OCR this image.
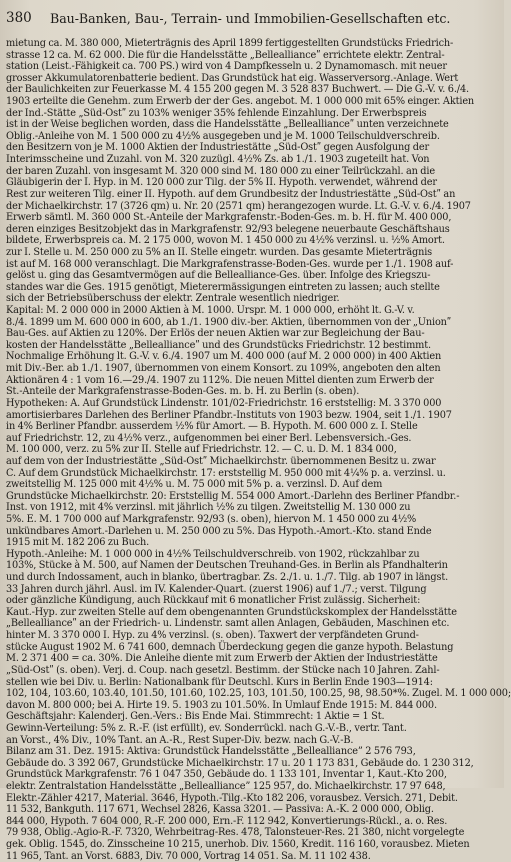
380 Bau-Banken, Bau-, Terrain- und Immobilien-Gesellschaften etc.
mietung ca. M. 380 000, Mieterträgnis des April 1899 fertiggestellten Grundstücks Friedrich-
strasse 12 ca. M. 62 000. Die für die Handelsstätte „Belleallianceʺ errichtete elektr. Zentral-
station (Leist.-Fähigkeit ca. 700 PS.) wird von 4 Dampfkesseln u. 2 Dynamomasch. mit neuer
grosser Akkumulatorenbatterie bedient. Das Grundstück hat eig. Wasserversorg.-Anlage. Wert
der Baulichkeiten zur Feuerkasse M. 4 155 200 gegen M. 3 528 837 Buchwert. — Die G.-V. v. 6./4.
1903 erteilte die Genehm. zum Erwerb der der Ges. angebot. M. 1 000 000 mit 65% einger. Aktien
der Ind.-Stätte „Süd-Ostʺ zu 103% weniger 35% fehlende Einzahlung. Der Erwerbspreis
ist in der Weise beglichen worden, dass die Handelsstätte „Belleallianceʺ unten verzeichnete
Oblig.-Anleihe von M. 1 500 000 zu 4½% ausgegeben und je M. 1000 Teilschuldverschreib.
den Besitzern von je M. 1000 Aktien der Industriestätte „Süd-Ostʺ gegen Ausfolgung der
Interimsscheine und Zuzahl. von M. 320 zuzügl. 4½% Zs. ab 1./1. 1903 zugeteilt hat. Von
der baren Zuzahl. von insgesamt M. 320 000 sind M. 180 000 zu einer Teilrückzahl. an die
Gläubigerin der I. Hyp. in M. 120 000 zur Tilg. der 5% II. Hypoth. verwendet, während der
Rest zur weiteren Tilg. einer II. Hypoth. auf dem Grundbesitz der Industriestätte „Süd-Ostʺ an
der Michaelkirchstr. 17 (3726 qm) u. Nr. 20 (2571 qm) herangezogen wurde. Lt. G.-V. v. 6./4. 1907
Erwerb sämtl. M. 360 000 St.-Anteile der Markgrafenstr.-Boden-Ges. m. b. H. für M. 400 000,
deren einziges Besitzobjekt das in Markgrafenstr. 92/93 belegene neuerbaute Geschäftshaus
bildete, Erwerbspreis ca. M. 2 175 000, wovon M. 1 450 000 zu 4½% verzinsl. u. ½% Amort.
zur I. Stelle u. M. 250 000 zu 5% an II. Stelle eingetr. wurden. Das gesamte Mieterträgnis
ist auf M. 168 000 veranschlagt. Die Markgrafenstrasse-Boden-Ges. wurde per 1./1. 1908 auf-
gelöst u. ging das Gesamtvermögen auf die Bellealliance-Ges. über. Infolge des Kriegszu-
standes war die Ges. 1915 genötigt, Mieterermässigungen eintreten zu lassen; auch stellte
sich der Betriebsüberschuss der elektr. Zentrale wesentlich niedriger.
Kapital: M. 2 000 000 in 2000 Aktien à M. 1000. Urspr. M. 1 000 000, erhöht lt. G.-V. v.
8./4. 1899 um M. 600 000 in 600, ab 1./1. 1900 div.-ber. Aktien, übernommen von der „Unionʺ
Bau-Ges. auf Aktien zu 120%. Der Erlös der neuen Aktien war zur Begleichung der Bau-
kosten der Handelsstätte „Belleallianceʺ und des Grundstücks Friedrichstr. 12 bestimmt.
Nochmalige Erhöhung lt. G.-V. v. 6./4. 1907 um M. 400 000 (auf M. 2 000 000) in 400 Aktien
mit Div.-Ber. ab 1./1. 1907, übernommen von einem Konsort. zu 109%, angeboten den alten
Aktionären 4 : 1 vom 16.—29./4. 1907 zu 112%. Die neuen Mittel dienten zum Erwerb der
St.-Anteile der Markgrafenstrasse-Boden-Ges. m. b. H. zu Berlin (s. oben).
Hypotheken: A. Auf Grundstück Lindenstr. 101/02-Friedrichstr. 16 erststellig: M. 3 370 000
amortisierbares Darlehen des Berliner Pfandbr.-Instituts von 1903 bezw. 1904, seit 1./1. 1907
in 4% Berliner Pfandbr. ausserdem ½% für Amort. — B. Hypoth. M. 600 000 z. I. Stelle
auf Friedrichstr. 12, zu 4½% verz., aufgenommen bei einer Berl. Lebensversich.-Ges.
M. 100 000, verz. zu 5% zur II. Stelle auf Friedrichstr. 12. — C. u. D. M. 1 834 000,
auf dem von der Industriestätte „Süd-Ostʺ Michaelkirchstr. übernommenen Besitz u. zwar
C. Auf dem Grundstück Michaelkirchstr. 17: erststellig M. 950 000 mit 4¼% p. a. verzinsl. u.
zweitstellig M. 125 000 mit 4½% u. M. 75 000 mit 5% p. a. verzinsl. D. Auf dem
Grundstücke Michaelkirchstr. 20: Erststellig M. 554 000 Amort.-Darlehn des Berliner Pfandbr.-
Inst. von 1912, mit 4% verzinsl. mit jährlich ½% zu tilgen. Zweitstellig M. 130 000 zu
5%. E. M. 1 700 000 auf Markgrafenstr. 92/93 (s. oben), hiervon M. 1 450 000 zu 4½%
unkündbares Amort.-Darlehen u. M. 250 000 zu 5%. Das Hypoth.-Amort.-Kto. stand Ende
1915 mit M. 182 206 zu Buch.
Hypoth.-Anleihe: M. 1 000 000 in 4½% Teilschuldverschreib. von 1902, rückzahlbar zu
103%, Stücke à M. 500, auf Namen der Deutschen Treuhand-Ges. in Berlin als Pfandhalterin
und durch Indossament, auch in blanko, übertragbar. Zs. 2./1. u. 1./7. Tilg. ab 1907 in längst.
33 Jahren durch jährl. Ausl. im IV. Kalender-Quart. (zuerst 1906) auf 1./7.; verst. Tilgung
oder gänzliche Kündigung, auch Rückkauf mit 6 monatlicher Frist zulässig. Sicherheit:
Kaut.-Hyp. zur zweiten Stelle auf dem obengenannten Grundstückskomplex der Handelsstätte
„Belleallianceʺ an der Friedrich- u. Lindenstr. samt allen Anlagen, Gebäuden, Maschinen etc.
hinter M. 3 370 000 I. Hyp. zu 4% verzinsl. (s. oben). Taxwert der verpfändeten Grund-
stücke August 1902 M. 6 741 600, demnach Überdeckung gegen die ganze hypoth. Belastung
M. 2 371 400 = ca. 30%. Die Anleihe diente mit zum Erwerb der Aktien der Industriestätte
„Süd-Ostʺ (s. oben). Verj. d. Coup. nach gesetzl. Bestimm. der Stücke nach 10 Jahren. Zahl-
stellen wie bei Div. u. Berlin: Nationalbank für Deutschl. Kurs in Berlin Ende 1903—1914:
102, 104, 103.60, 103.40, 101.50, 101.60, 102.25, 103, 101.50, 100.25, 98, 98.50*%. Zugel. M. 1 000 000;
davon M. 800 000; bei A. Hirte 19. 5. 1903 zu 101.50%. In Umlauf Ende 1915: M. 844 000.
Geschäftsjahr: Kalenderj. Gen.-Vers.: Bis Ende Mai. Stimmrecht: 1 Aktie = 1 St.
Gewinn-Verteilung: 5% z. R.-F. (ist erfüllt), ev. Sonderrückl. nach G.-V.-B., vertr. Tant.
an Vorst., 4% Div., 10% Tant. an A.-R., Rest Super-Div. bezw. nach G.-V.-B.
Bilanz am 31. Dez. 1915: Aktiva: Grundstück Handelsstätte „Bellealliance” 2 576 793,
Gebäude do. 3 392 067, Grundstücke Michaelkirchstr. 17 u. 20 1 173 831, Gebäude do. 1 230 312,
Grundstück Markgrafenstr. 76 1 047 350, Gebäude do. 1 133 101, Inventar 1, Kaut.-Kto 200,
elektr. Zentralstation Handelsstätte „Bellealliance” 125 957, do. Michaelkirchstr. 17 97 648,
Elektr.-Zähler 4217, Material. 3646, Hypoth.-Tilg.-Kto 182 206, vorausbez. Versich. 271, Debit.
11 532, Bankguth. 117 671, Wechsel 2826, Kassa 3201. — Passiva: A.-K. 2 000 000, Oblig.
844 000, Hypoth. 7 604 000, R.-F. 200 000, Ern.-F. 112 942, Konvertierungs-Rückl., a. o. Res.
79 938, Oblig.-Agio-R.-F. 7320, Wehrbeitrag-Res. 478, Talonsteuer-Res. 21 380, nicht vorgelegte
gek. Oblig. 1545, do. Zinsscheine 10 215, unerhob. Div. 1560, Kredit. 116 160, vorausbez. Mieten
11 965, Tant. an Vorst. 6883, Div. 70 000, Vortrag 14 051. Sa. M. 11 102 438.
